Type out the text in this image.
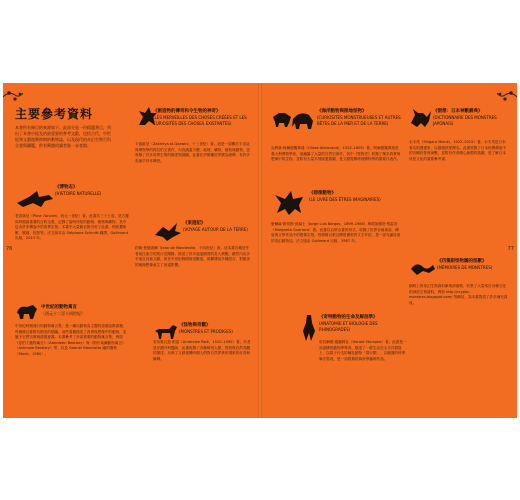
主要參考資料
本書所有條目的來源如下。此部分是一份精選書目，列出了本書中提及的最重要的參考文獻，包括古代、中世紀和文藝復興時期的動物誌，以及現代的奇幻生物百科全書與圖鑑，供有興趣的讀者進一步查閱。
《博物志》
(HISTOIRE NATURELLE)
老普林尼（Pline l'Ancien，西元一世紀）著。此書共三十七卷，是古羅馬時期最重要的百科全書，記錄了當時所知的動物、植物與礦物，其中包含許多傳說中的奇異生物。本書中大量條目都引用了此書，例如獨角獸、鳳凰、蛇怪等。法文版本由 Stéphane Schmitt 翻譯，Gallimard 出版，2013 年。
中世紀的動物寓言
（西元十二至十四世紀）
中世紀時期流行的動物寓言集，是一種以動物為主題的道德說教書籍，每個條目都附有精美的插圖。這些書籍描述了真實與想像中的動物，並賦予它們宗教與道德意義。本書參考了多部重要的動物寓言集，例如《亞伯丁動物寓言》（Aberdeen Bestiary）與《阿什莫爾動物寓言》（Ashmole Bestiary）等，以及 Gabriel Bianciotto 編的選集（Stock，1980）。
《創造物的傳奇和令生物的神奇》
(LES MERVEILLES DES CHOSES CRÉÉES ET LES CURIOSITÉS DES CHOSES EXISTANTES)
卡茲維尼（Zakariya al-Qazwini，十三世紀）著。這是一部關於宇宙誌與博物學的阿拉伯文著作，內容涵蓋天體、地理、礦物、植物與動物，並收錄了許多奇異生物的描述與插圖。此書在伊斯蘭世界廣為流傳，有許多彩繪手抄本傳世。
《東遊記》
(VOYAGE AUTOUR DE LA TERRE)
約翰·曼德維爾（Jean de Mandeville，十四世紀）著。這本書自稱是作者前往東方的旅行見聞錄，描述了許多遙遠國度的奇人異獸。雖然內容多半取自其他文獻，但在中世紀晚期極受歡迎，被翻譯成多種語言，對後世的地理想像產生了深遠影響。
《怪物與奇觀》
(MONSTRES ET PRODIGES)
安布魯瓦茲·帕雷（Ambroise Paré，1510–1590）著。作者是法國外科醫師，此書收錄了各種畸形人類、怪物與自然奇觀的描述，反映了文藝復興時期人們對自然界異常現象的好奇與解釋。
76
《海洋動物與陸地怪物》
(CURIOSITÉS MONSTRUEUSES ET AUTRES BÊTES DE LA MER ET DE LA TERRE)
烏利塞·阿爾德羅萬迪（Ulisse Aldrovandi，1522–1605）著。阿爾德羅萬迪是義大利博物學家，他編纂了大量的自然史著作，其中《怪物史》收錄了眾多真實與想像中的生物，並附有大量木刻版畫插圖，是文藝復興時期博物學的重要代表作。
《想像動物》
(LE LIVRE DES ÊTRES IMAGINAIRES)
豪爾赫·路易斯·波赫士（Jorge Luis Borges，1899–1986）與瑪加麗塔·格雷洛（Margarita Guerrero）著。此書以百科全書的形式，收錄了世界各地神話、傳說與文學作品中的想像生物，每個條目都以簡短優美的文字介紹，是一部充滿詩意的奇幻動物誌。法文版由 Gallimard 出版，1987 年。
《奇特動物的生命及解剖學》
(ANATOMIE ET BIOLOGIE DES RHINOGRADES)
哈拉爾德·施圖姆克（Harald Stümpke）著。此書是一部虛構的動物學專著，描述了一群生活在太平洋群島上、以鼻子行走的哺乳動物「鼻行類」，以嚴謹的科學筆法寫成，是一部經典的偽科學諷刺作品。
《假想：日本神獸辭典》
(DICTIONNAIRE DES MONSTRES JAPONAIS)
水木茂（Shigeru Mizuki，1922–2015）著。水木茂是日本著名的漫畫家，以描繪妖怪聞名。此書收錄了日本民間傳說中的各種妖怪與神獸，並附有作者精心繪製的插圖，是了解日本妖怪文化的重要參考書。
《四隻眼怪物圖的怪獸》
(MÉMOIRES DE MONSTRES)
網路上的奇幻生物資料庫與部落格，收集了大量來自各種文化的神話生物資料，例如 http://crypto-monstres.blogspot.com/ 等網站，為本書提供了許多補充資訊。
77
